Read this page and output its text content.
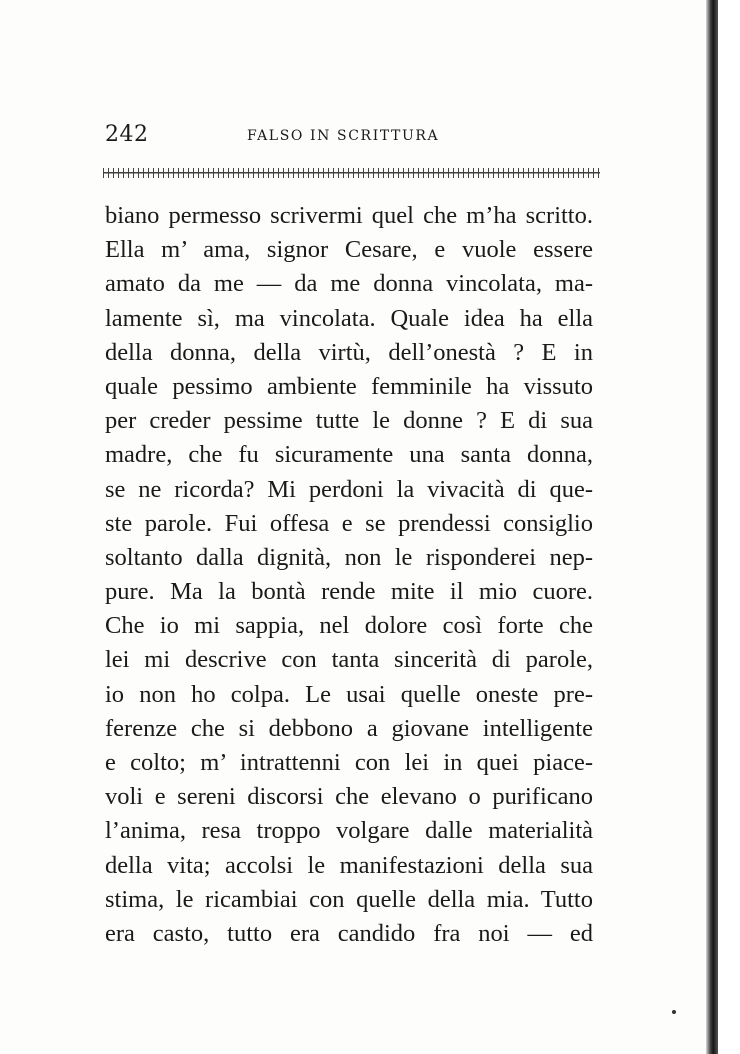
242	FALSO IN SCRITTURA
biano permesso scrivermi quel che m’ha scritto.
Ella m’ ama, signor Cesare, e vuole essere
amato da me — da me donna vincolata, ma-
lamente sì, ma vincolata. Quale idea ha ella
della donna, della virtù, dell’onestà ? E in
quale pessimo ambiente femminile ha vissuto
per creder pessime tutte le donne ? E di sua
madre, che fu sicuramente una santa donna,
se ne ricorda? Mi perdoni la vivacità di que-
ste parole. Fui offesa e se prendessi consiglio
soltanto dalla dignità, non le risponderei nep-
pure. Ma la bontà rende mite il mio cuore.
Che io mi sappia, nel dolore così forte che
lei mi descrive con tanta sincerità di parole,
io non ho colpa. Le usai quelle oneste pre-
ferenze che si debbono a giovane intelligente
e colto; m’ intrattenni con lei in quei piace-
voli e sereni discorsi che elevano o purificano
l’anima, resa troppo volgare dalle materialità
della vita; accolsi le manifestazioni della sua
stima, le ricambiai con quelle della mia. Tutto
era casto, tutto era candido fra noi — ed
